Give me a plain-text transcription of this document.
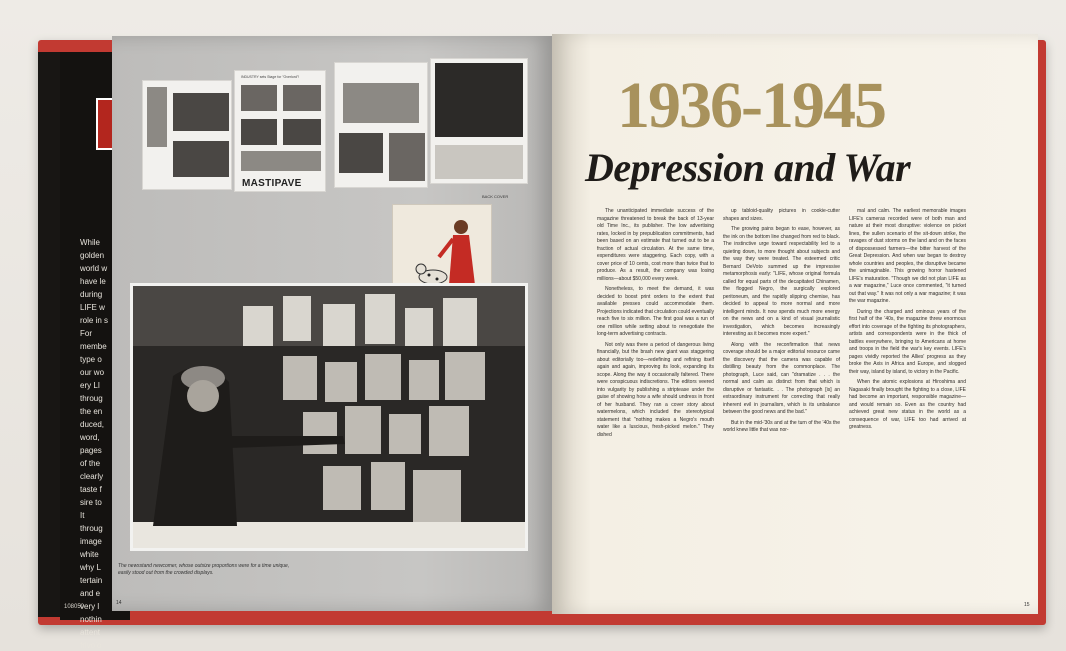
While
golden
world w
have le
during
LIFE w
role in s
For
membe
type o
our wo
ery LI
throug
the en
duced,
word,
pages
of the
clearly
taste f
sire to
It
throug
image
white
why L
tertain
and e
very l
nothin
attent
frivolo
108050
INDUSTRY sets Stage for "Overlord"!
MASTIPAVE
BACK COVER
The newsstand newcomer, whose outsize proportions were for a time unique, easily stood out from the crowded displays.
14
1936-1945
Depression and War

The unanticipated immediate success of the magazine threatened to break the back of 13-year old Time Inc., its publisher. The low advertising rates, locked in by prepublication commitments, had been based on an estimate that turned out to be a fraction of actual circulation. At the same time, expenditures were staggering. Each copy, with a cover price of 10 cents, cost more than twice that to produce. As a result, the company was losing millions—about $50,000 every week.

Nonetheless, to meet the demand, it was decided to boost print orders to the extent that available presses could accommodate them. Projections indicated that circulation could eventually reach five to six million. The first goal was a run of one million while setting about to renegotiate the long-term advertising contracts.

Not only was there a period of dangerous living financially, but the brash new giant was staggering about editorially too—redefining and refining itself again and again, improving its look, expanding its scope. Along the way it occasionally faltered. There were conspicuous indiscretions. The editors veered into vulgarity by publishing a striptease under the guise of showing how a wife should undress in front of her husband. They ran a cover story about watermelons, which included the stereotypical statement that "nothing makes a Negro's mouth water like a luscious, fresh-picked melon." They dished

up tabloid-quality pictures in cookie-cutter shapes and sizes.

The growing pains began to ease, however, as the ink on the bottom line changed from red to black. The instinctive urge toward respectability led to a quieting down, to more thought about subjects and the way they were treated. The esteemed critic Bernard DeVoto summed up the impressive metamorphosis early: "LIFE, whose original formula called for equal parts of the decapitated Chinamen, the flogged Negro, the surgically explored peritoneum, and the rapidly slipping chemise, has decided to appeal to more normal and more intelligent minds. It now spends much more energy on the news and on a kind of visual journalistic investigation, which becomes increasingly interesting as it becomes more expert."

Along with the reconfirmation that news coverage should be a major editorial resource came the discovery that the camera was capable of distilling beauty from the commonplace. The photograph, Luce said, can "dramatize . . . the normal and calm as distinct from that which is disruptive or fantastic. . . The photograph [is] an extraordinary instrument for correcting that really inherent evil in journalism, which is its unbalance between the good news and the bad."

But in the mid-'30s and at the turn of the '40s the world knew little that was nor-

mal and calm. The earliest memorable images LIFE's cameras recorded were of both man and nature at their most disruptive: violence on picket lines, the sullen scenario of the sit-down strike, the ravages of dust storms on the land and on the faces of dispossessed farmers—the bitter harvest of the Great Depression. And when war began to destroy whole countries and peoples, the disruptive became the unimaginable. This growing horror hastened LIFE's maturation. "Though we did not plan LIFE as a war magazine," Luce once commented, "it turned out that way." It was not only a war magazine; it was the war magazine.

During the charged and ominous years of the first half of the '40s, the magazine threw enormous effort into coverage of the fighting its photographers, artists and correspondents were in the thick of battles everywhere, bringing to Americans at home and troops in the field the war's key events. LIFE's pages vividly reported the Allies' progress as they broke the Axis in Africa and Europe, and slogged their way, island by island, to victory in the Pacific.

When the atomic explosions at Hiroshima and Nagasaki finally brought the fighting to a close, LIFE had become an important, responsible magazine—and would remain so. Even as the country had achieved great new status in the world as a consequence of war, LIFE too had arrived at greatness.

15
